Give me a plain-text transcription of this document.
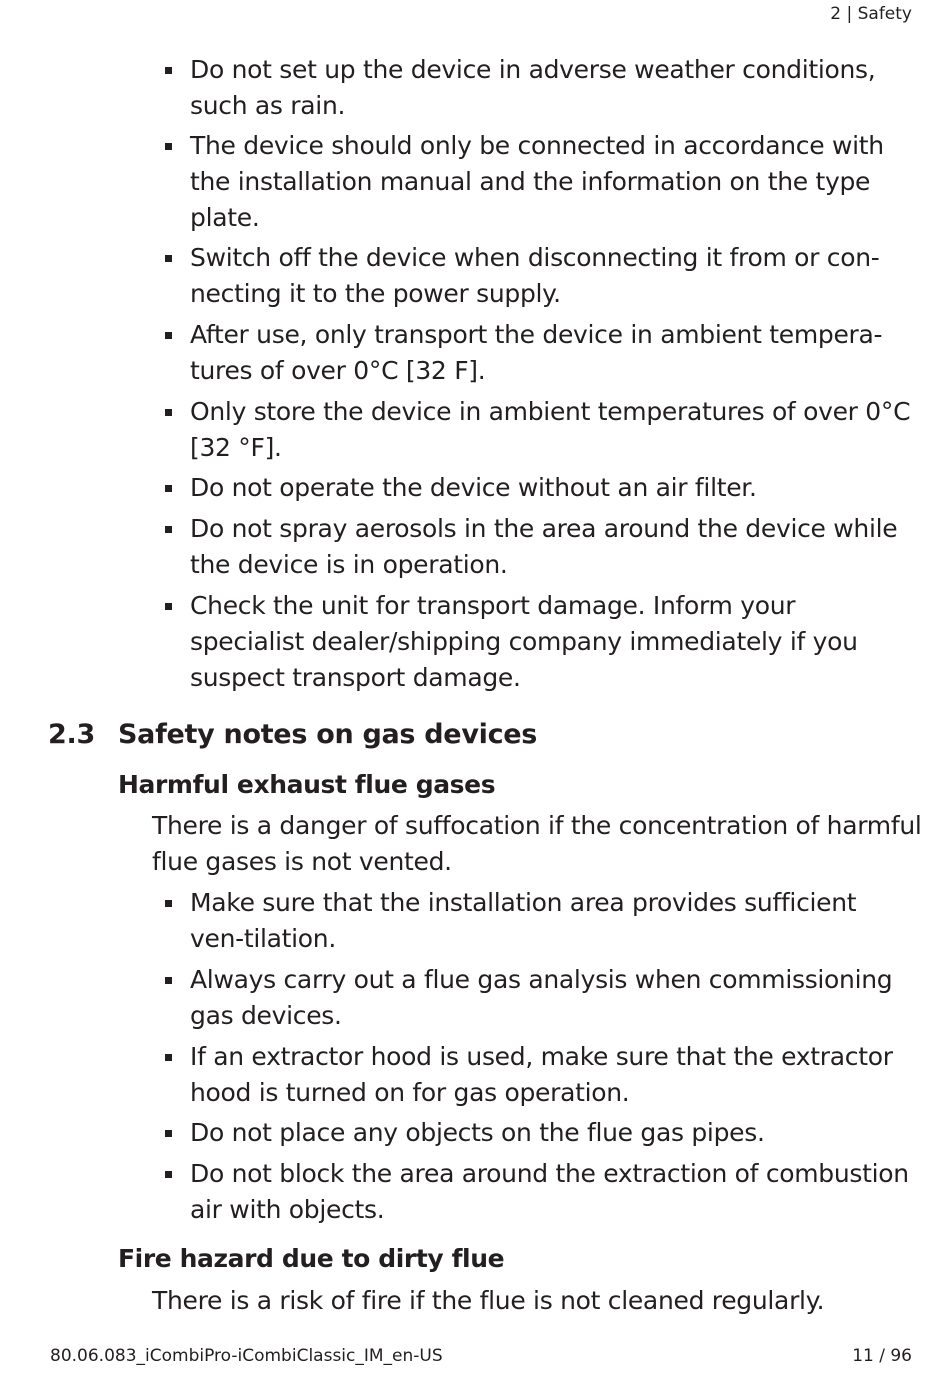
2 | Safety
Do not set up the device in adverse weather conditions, such as rain.
The device should only be connected in accordance with the installation manual and the information on the type plate.
Switch off the device when disconnecting it from or con-necting it to the power supply.
After use, only transport the device in ambient tempera-tures of over 0°C [32 F].
Only store the device in ambient temperatures of over 0°C [32 °F].
Do not operate the device without an air filter.
Do not spray aerosols in the area around the device while the device is in operation.
Check the unit for transport damage. Inform your specialist dealer/shipping company immediately if you suspect transport damage.
2.3 Safety notes on gas devices
Harmful exhaust flue gases

There is a danger of suffocation if the concentration of harmful flue gases is not vented.

Make sure that the installation area provides sufficient ven-tilation.
Always carry out a flue gas analysis when commissioning gas devices.
If an extractor hood is used, make sure that the extractor hood is turned on for gas operation.
Do not place any objects on the flue gas pipes.
Do not block the area around the extraction of combustion air with objects.
Fire hazard due to dirty flue

There is a risk of fire if the flue is not cleaned regularly.

80.06.083_iCombiPro-iCombiClassic_IM_en-US	11 / 96
